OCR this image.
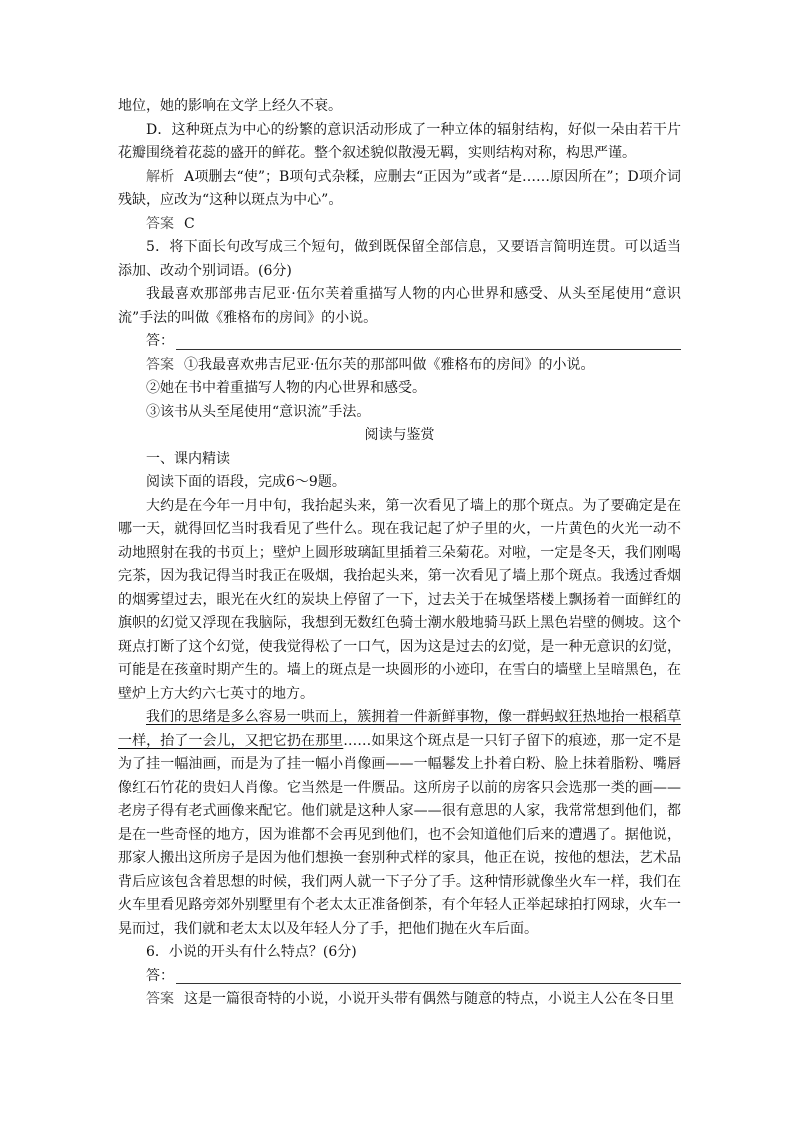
地位，她的影响在文学上经久不衰。

D．这种斑点为中心的纷繁的意识活动形成了一种立体的辐射结构，好似一朵由若干片花瓣围绕着花蕊的盛开的鲜花。整个叙述貌似散漫无羁，实则结构对称，构思严谨。

解析 A项删去“使”；B项句式杂糅，应删去“正因为”或者“是……原因所在”；D项介词残缺，应改为“这种以斑点为中心”。

答案 C

5．将下面长句改写成三个短句，做到既保留全部信息，又要语言简明连贯。可以适当添加、改动个别词语。(6分)

我最喜欢那部弗吉尼亚·伍尔芙着重描写人物的内心世界和感受、从头至尾使用“意识流”手法的叫做《雅格布的房间》的小说。

答：

答案 ①我最喜欢弗吉尼亚·伍尔芙的那部叫做《雅格布的房间》的小说。

②她在书中着重描写人物的内心世界和感受。

③该书从头至尾使用“意识流”手法。

阅读与鉴赏

一、课内精读

阅读下面的语段，完成6～9题。

大约是在今年一月中旬，我抬起头来，第一次看见了墙上的那个斑点。为了要确定是在哪一天，就得回忆当时我看见了些什么。现在我记起了炉子里的火，一片黄色的火光一动不动地照射在我的书页上；壁炉上圆形玻璃缸里插着三朵菊花。对啦，一定是冬天，我们刚喝完茶，因为我记得当时我正在吸烟，我抬起头来，第一次看见了墙上那个斑点。我透过香烟的烟雾望过去，眼光在火红的炭块上停留了一下，过去关于在城堡塔楼上飘扬着一面鲜红的旗帜的幻觉又浮现在我脑际，我想到无数红色骑士潮水般地骑马跃上黑色岩壁的侧坡。这个斑点打断了这个幻觉，使我觉得松了一口气，因为这是过去的幻觉，是一种无意识的幻觉，可能是在孩童时期产生的。墙上的斑点是一块圆形的小迹印，在雪白的墙壁上呈暗黑色，在壁炉上方大约六七英寸的地方。

我们的思绪是多么容易一哄而上，簇拥着一件新鲜事物，像一群蚂蚁狂热地抬一根稻草一样，抬了一会儿，又把它扔在那里……如果这个斑点是一只钉子留下的痕迹，那一定不是为了挂一幅油画，而是为了挂一幅小肖像画——一幅鬈发上扑着白粉、脸上抹着脂粉、嘴唇像红石竹花的贵妇人肖像。它当然是一件赝品。这所房子以前的房客只会选那一类的画——老房子得有老式画像来配它。他们就是这种人家——很有意思的人家，我常常想到他们，都是在一些奇怪的地方，因为谁都不会再见到他们，也不会知道他们后来的遭遇了。据他说，那家人搬出这所房子是因为他们想换一套别种式样的家具，他正在说，按他的想法，艺术品背后应该包含着思想的时候，我们两人就一下子分了手。这种情形就像坐火车一样，我们在火车里看见路旁郊外别墅里有个老太太正准备倒茶，有个年轻人正举起球拍打网球，火车一晃而过，我们就和老太太以及年轻人分了手，把他们抛在火车后面。

6．小说的开头有什么特点？(6分)

答：

答案 这是一篇很奇特的小说，小说开头带有偶然与随意的特点，小说主人公在冬日里
